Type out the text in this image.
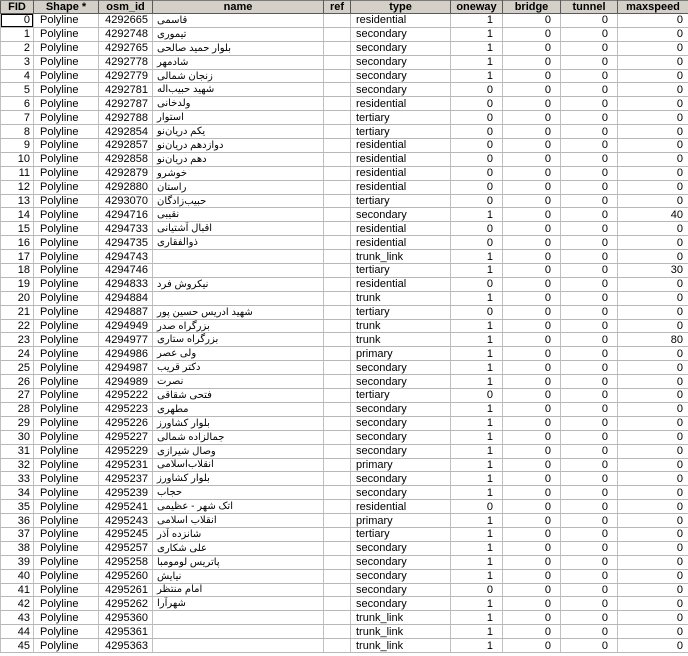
FID	Shape *	osm_id	name	ref	type	oneway	bridge	tunnel	maxspeed
0	Polyline	4292665	قاسمی		residential	1	0	0	0
1	Polyline	4292748	تیموری		secondary	1	0	0	0
2	Polyline	4292765	بلوار حمید صالحی		secondary	1	0	0	0
3	Polyline	4292778	شادمهر		secondary	1	0	0	0
4	Polyline	4292779	زنجان شمالی		secondary	1	0	0	0
5	Polyline	4292781	شهید حبیب‌اله		secondary	0	0	0	0
6	Polyline	4292787	ولدخانی		residential	0	0	0	0
7	Polyline	4292788	استوار		tertiary	0	0	0	0
8	Polyline	4292854	یکم دریان‌نو		tertiary	0	0	0	0
9	Polyline	4292857	دوازدهم دریان‌نو		residential	0	0	0	0
10	Polyline	4292858	دهم دریان‌نو		residential	0	0	0	0
11	Polyline	4292879	خوشرو		residential	0	0	0	0
12	Polyline	4292880	راستان		residential	0	0	0	0
13	Polyline	4293070	حبیب‌زادگان		tertiary	0	0	0	0
14	Polyline	4294716	نقیبی		secondary	1	0	0	40
15	Polyline	4294733	اقبال آشتیانی		residential	0	0	0	0
16	Polyline	4294735	ذوالفقاری		residential	0	0	0	0
17	Polyline	4294743			trunk_link	1	0	0	0
18	Polyline	4294746			tertiary	1	0	0	30
19	Polyline	4294833	نیکروش فرد		residential	0	0	0	0
20	Polyline	4294884			trunk	1	0	0	0
21	Polyline	4294887	شهید ادریس حسین پور		tertiary	0	0	0	0
22	Polyline	4294949	بزرگراه صدر		trunk	1	0	0	0
23	Polyline	4294977	بزرگراه ستاری		trunk	1	0	0	80
24	Polyline	4294986	ولی عصر		primary	1	0	0	0
25	Polyline	4294987	دکتر قریب		secondary	1	0	0	0
26	Polyline	4294989	نصرت		secondary	1	0	0	0
27	Polyline	4295222	فتحی شقاقی		tertiary	0	0	0	0
28	Polyline	4295223	مطهری		secondary	1	0	0	0
29	Polyline	4295226	بلوار کشاورز		secondary	1	0	0	0
30	Polyline	4295227	جمالزاده شمالی		secondary	1	0	0	0
31	Polyline	4295229	وصال شیرازی		secondary	1	0	0	0
32	Polyline	4295231	انقلاب‌اسلامی		primary	1	0	0	0
33	Polyline	4295237	بلوار کشاورز		secondary	1	0	0	0
34	Polyline	4295239	حجاب		secondary	1	0	0	0
35	Polyline	4295241	اتک شهر - عظیمی		residential	0	0	0	0
36	Polyline	4295243	انقلاب اسلامی		primary	1	0	0	0
37	Polyline	4295245	شانزده آذر		tertiary	1	0	0	0
38	Polyline	4295257	علی شکاری		secondary	1	0	0	0
39	Polyline	4295258	پاتریس لومومبا		secondary	1	0	0	0
40	Polyline	4295260	نیایش		secondary	1	0	0	0
41	Polyline	4295261	امام منتظر		secondary	0	0	0	0
42	Polyline	4295262	شهرآرا		secondary	1	0	0	0
43	Polyline	4295360			trunk_link	1	0	0	0
44	Polyline	4295361			trunk_link	1	0	0	0
45	Polyline	4295363			trunk_link	1	0	0	0
